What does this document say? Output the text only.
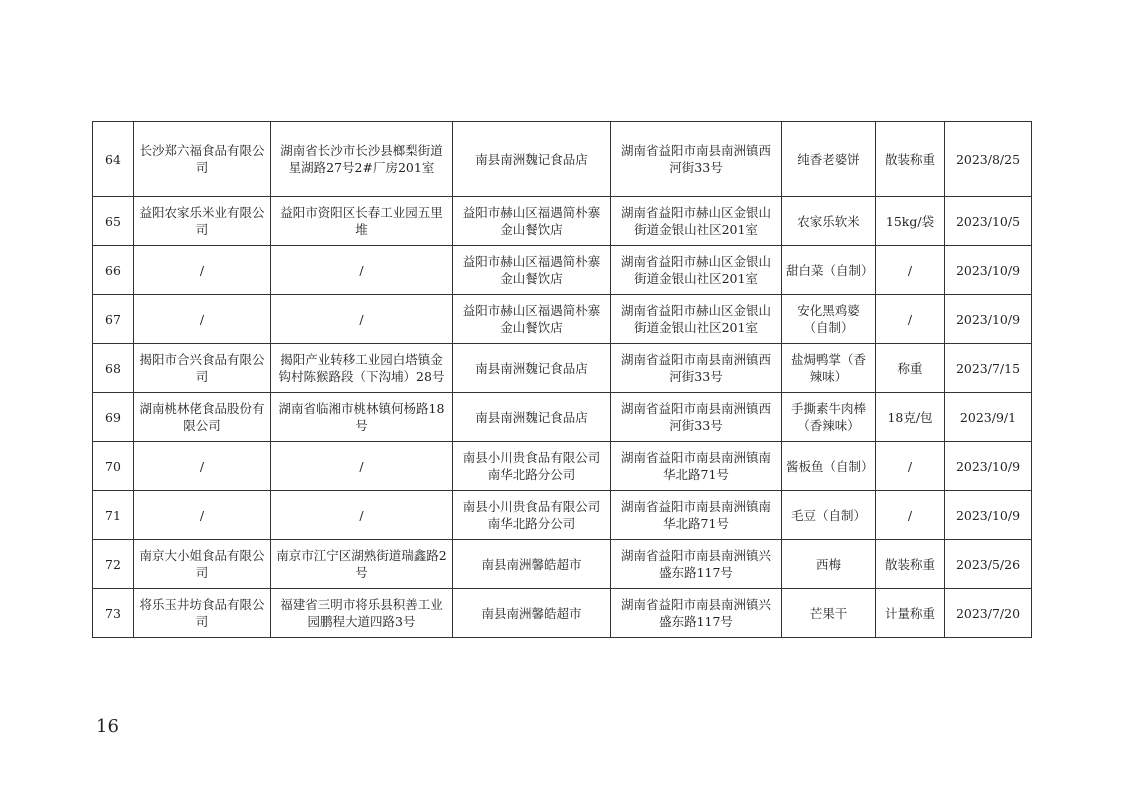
64	长沙郑六福食品有限公司	湖南省长沙市长沙县榔梨街道星湖路27号2#厂房201室	南县南洲魏记食品店	湖南省益阳市南县南洲镇西河街33号	纯香老婆饼	散装称重	2023/8/25
65	益阳农家乐米业有限公司	益阳市资阳区长春工业园五里堆	益阳市赫山区福遇简朴寨金山餐饮店	湖南省益阳市赫山区金银山街道金银山社区201室	农家乐软米	15kg/袋	2023/10/5
66	/	/	益阳市赫山区福遇简朴寨金山餐饮店	湖南省益阳市赫山区金银山街道金银山社区201室	甜白菜（自制）	/	2023/10/9
67	/	/	益阳市赫山区福遇简朴寨金山餐饮店	湖南省益阳市赫山区金银山街道金银山社区201室	安化黑鸡婆（自制）	/	2023/10/9
68	揭阳市合兴食品有限公司	揭阳产业转移工业园白塔镇金钩村陈猴路段（下沟埔）28号	南县南洲魏记食品店	湖南省益阳市南县南洲镇西河街33号	盐焗鸭掌（香辣味）	称重	2023/7/15
69	湖南桃林佬食品股份有限公司	湖南省临湘市桃林镇何杨路18号	南县南洲魏记食品店	湖南省益阳市南县南洲镇西河街33号	手撕素牛肉棒（香辣味）	18克/包	2023/9/1
70	/	/	南县小川贵食品有限公司南华北路分公司	湖南省益阳市南县南洲镇南华北路71号	酱板鱼（自制）	/	2023/10/9
71	/	/	南县小川贵食品有限公司南华北路分公司	湖南省益阳市南县南洲镇南华北路71号	毛豆（自制）	/	2023/10/9
72	南京大小姐食品有限公司	南京市江宁区湖熟街道瑞鑫路2号	南县南洲馨皓超市	湖南省益阳市南县南洲镇兴盛东路117号	西梅	散装称重	2023/5/26
73	将乐玉井坊食品有限公司	福建省三明市将乐县积善工业园鹏程大道四路3号	南县南洲馨皓超市	湖南省益阳市南县南洲镇兴盛东路117号	芒果干	计量称重	2023/7/20
16
